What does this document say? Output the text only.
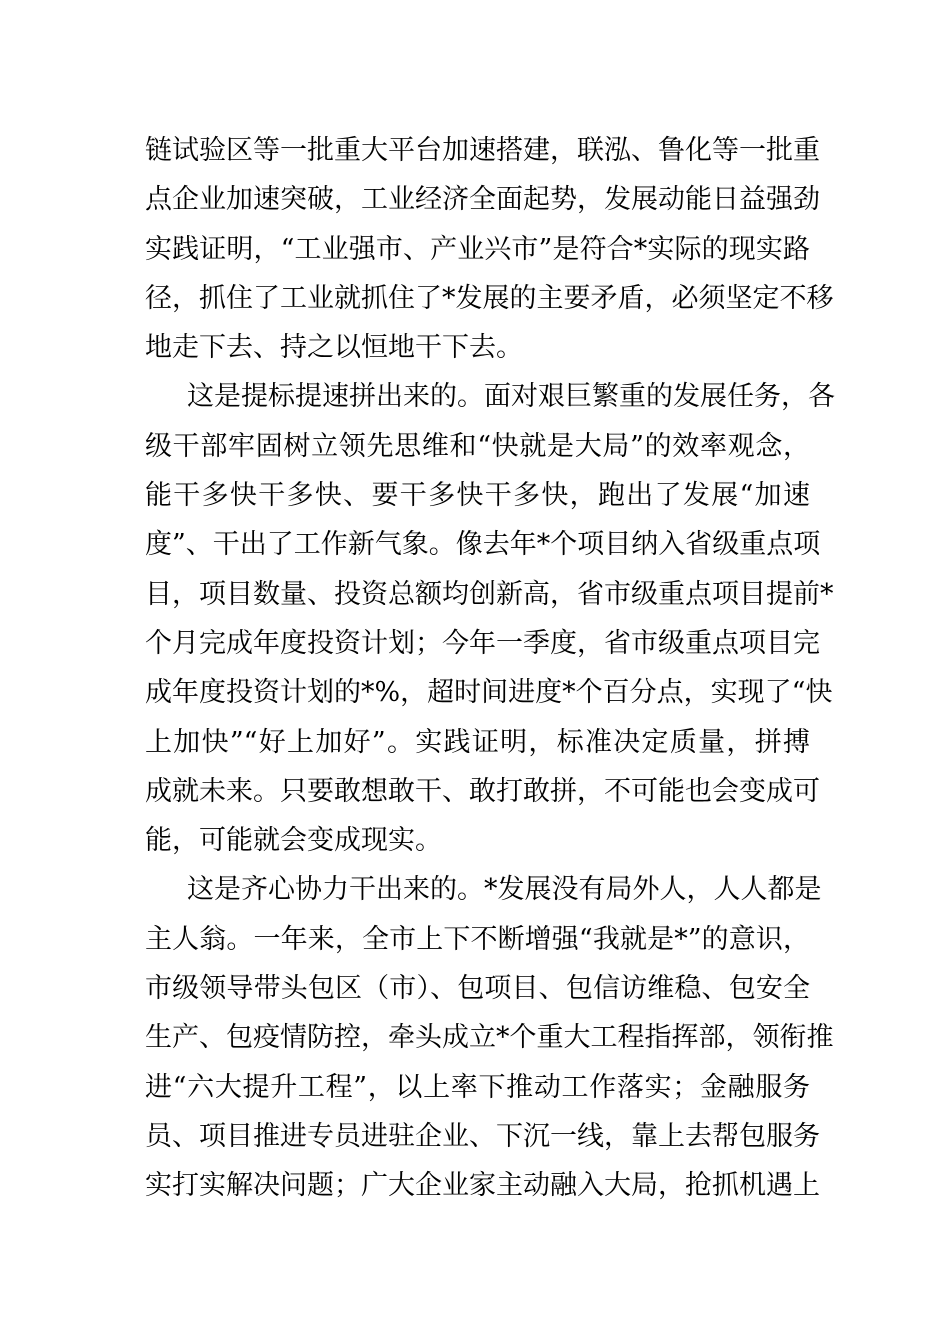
链试验区等一批重大平台加速搭建，联泓、鲁化等一批重
点企业加速突破，工业经济全面起势，发展动能日益强劲
实践证明，“工业强市、产业兴市”是符合*实际的现实路
径，抓住了工业就抓住了*发展的主要矛盾，必须坚定不移
地走下去、持之以恒地干下去。
这是提标提速拼出来的。面对艰巨繁重的发展任务，各
级干部牢固树立领先思维和“快就是大局”的效率观念，
能干多快干多快、要干多快干多快，跑出了发展“加速
度”、干出了工作新气象。像去年*个项目纳入省级重点项
目，项目数量、投资总额均创新高，省市级重点项目提前*
个月完成年度投资计划；今年一季度，省市级重点项目完
成年度投资计划的*%，超时间进度*个百分点，实现了“快
上加快”“好上加好”。实践证明，标准决定质量，拼搏
成就未来。只要敢想敢干、敢打敢拼，不可能也会变成可
能，可能就会变成现实。
这是齐心协力干出来的。*发展没有局外人，人人都是
主人翁。一年来，全市上下不断增强“我就是*”的意识，
市级领导带头包区（市）、包项目、包信访维稳、包安全
生产、包疫情防控，牵头成立*个重大工程指挥部，领衔推
进“六大提升工程”，以上率下推动工作落实；金融服务
员、项目推进专员进驻企业、下沉一线，靠上去帮包服务
实打实解决问题；广大企业家主动融入大局，抢抓机遇上
